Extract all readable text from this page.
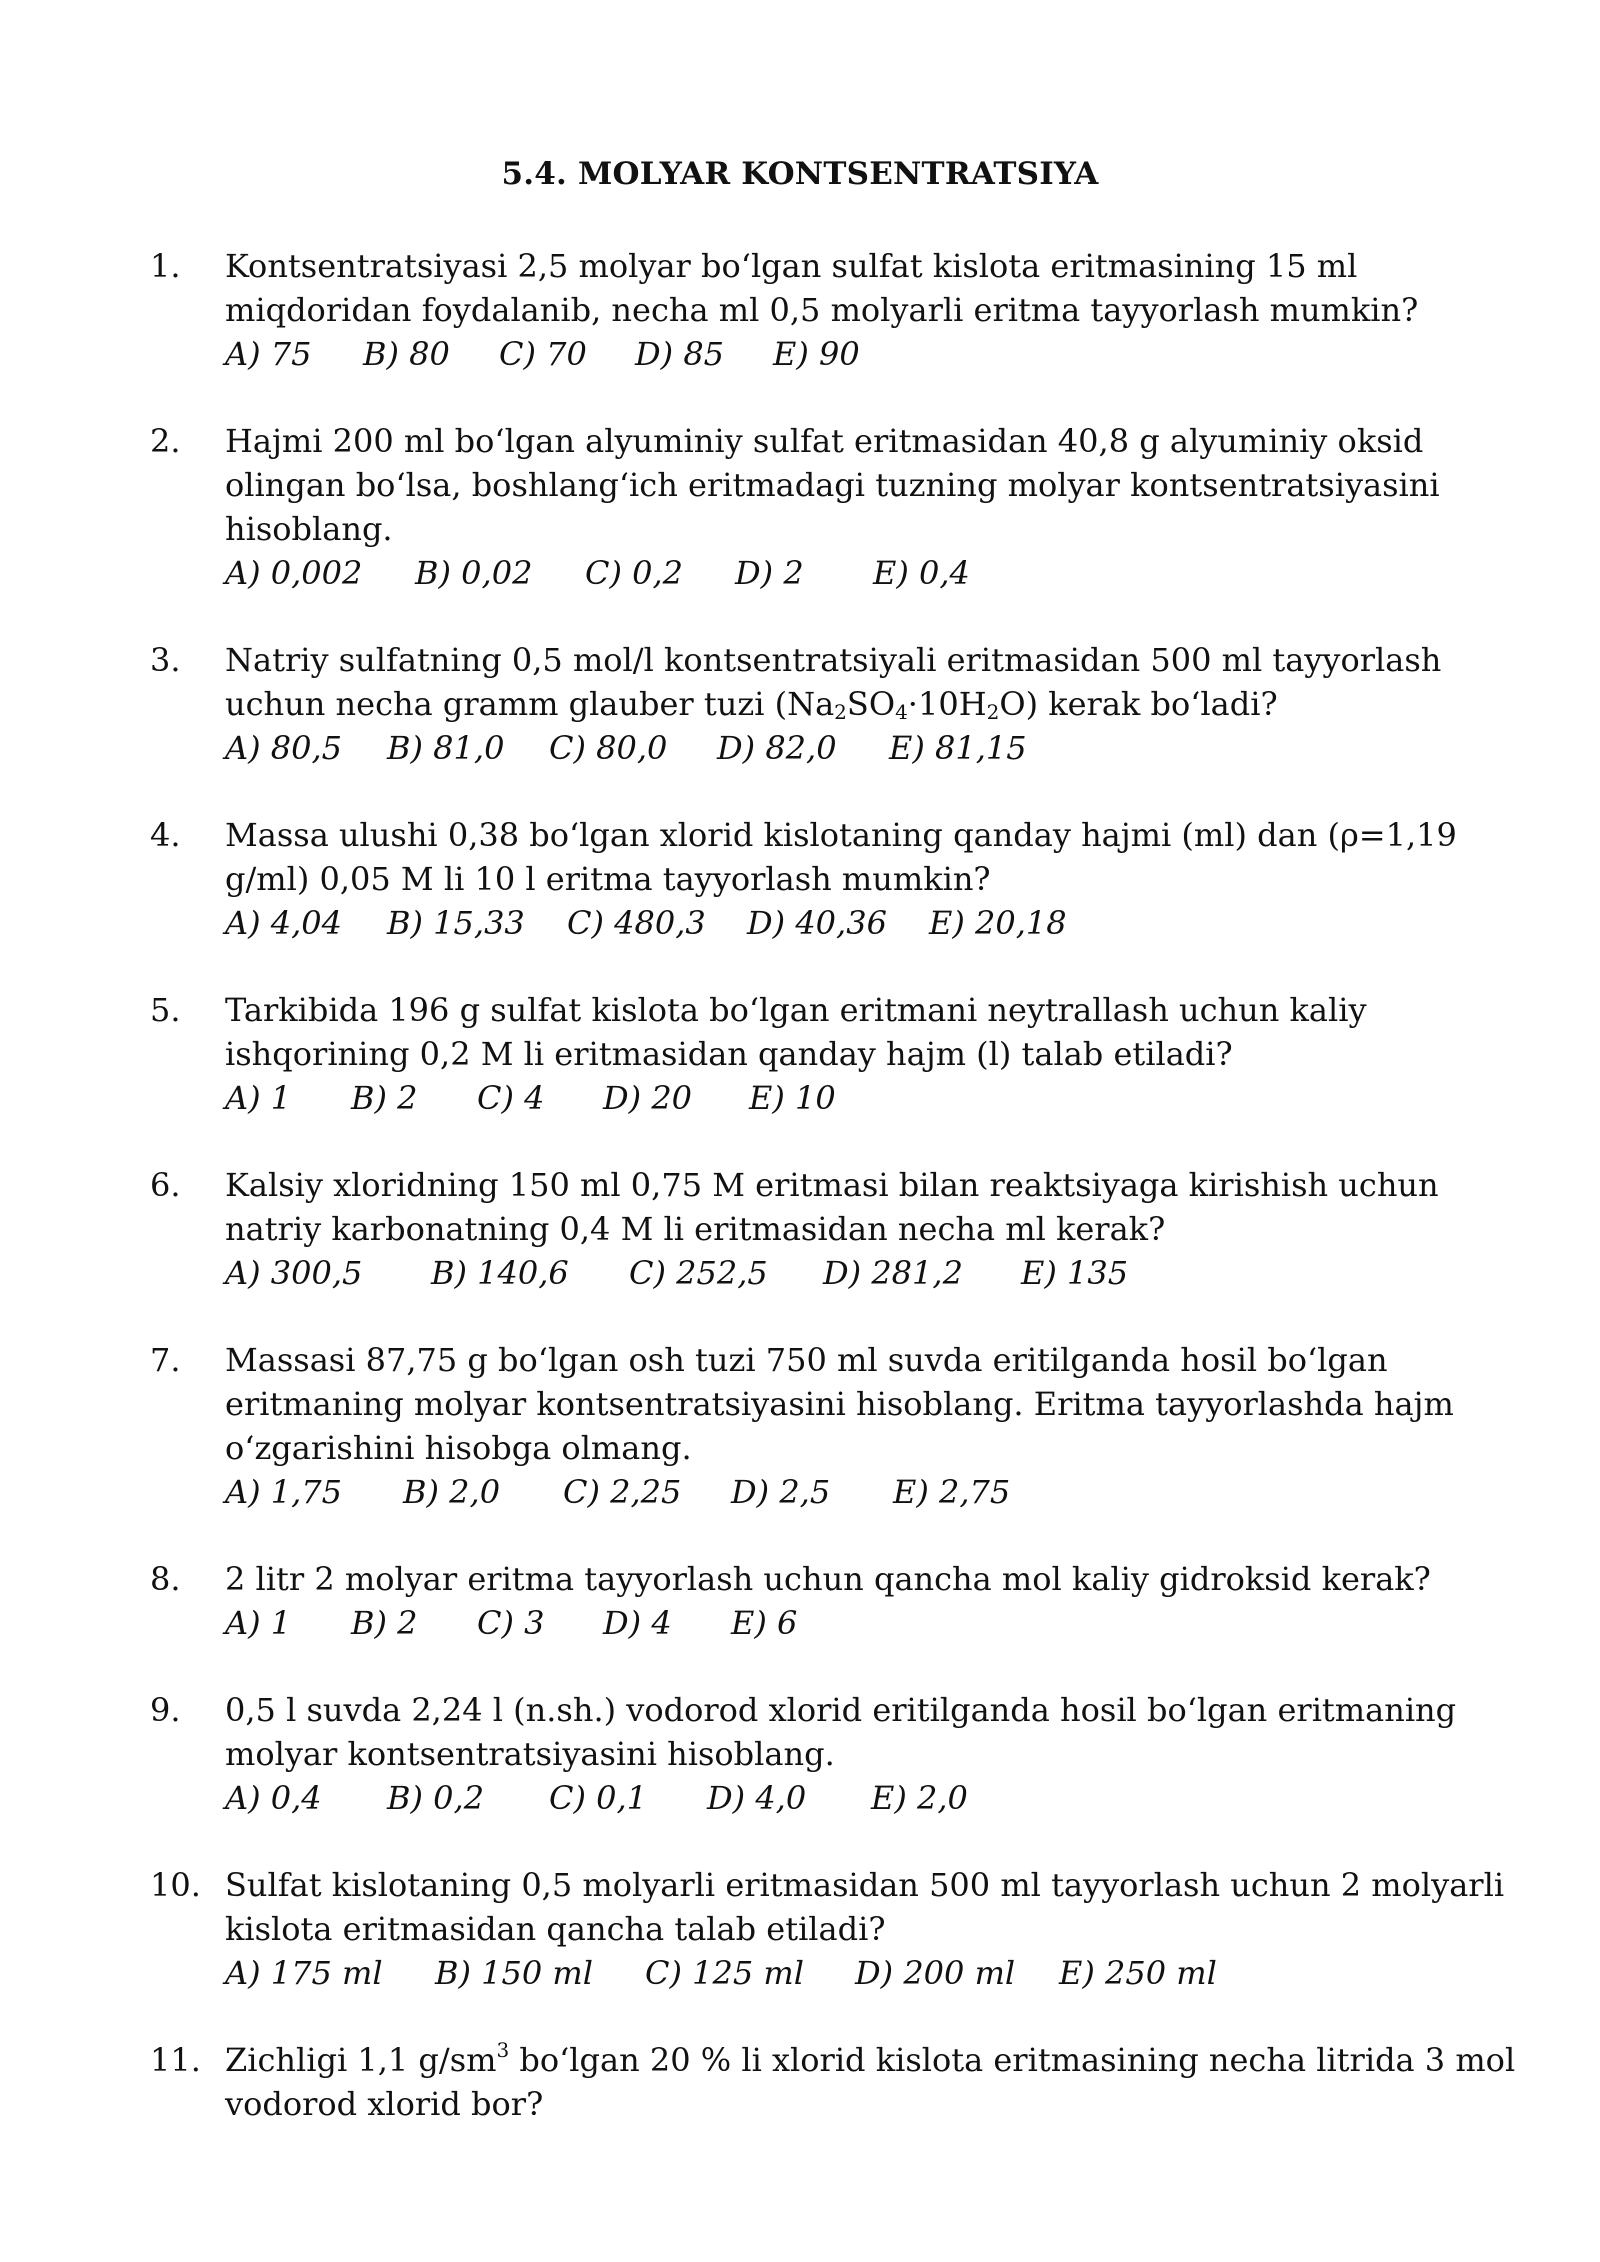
5.4. MOLYAR KONTSENTRATSIYA
1.	Kontsentratsiyasi 2,5 molyar bo‘lgan sulfat kislota eritmasining 15 ml miqdoridan foydalanib, necha ml 0,5 molyarli eritma tayyorlash mumkin?
A) 75 B) 80 C) 70 D) 85 E) 90
2.	Hajmi 200 ml bo‘lgan alyuminiy sulfat eritmasidan 40,8 g alyuminiy oksid olingan bo‘lsa, boshlang‘ich eritmadagi tuzning molyar kontsentratsiyasini hisoblang.
A) 0,002 B) 0,02 C) 0,2 D) 2 E) 0,4
3.	Natriy sulfatning 0,5 mol/l kontsentratsiyali eritmasidan 500 ml tayyorlash uchun necha gramm glauber tuzi $(Na_2SO_4\cdot 10H_2O)$ kerak bo‘ladi?
A) 80,5 B) 81,0 C) 80,0 D) 82,0 E) 81,15
4.	Massa ulushi 0,38 bo‘lgan xlorid kislotaning qanday hajmi (ml) dan (ρ=1,19 g/ml) 0,05 M li 10 l eritma tayyorlash mumkin?
A) 4,04 B) 15,33 C) 480,3 D) 40,36 E) 20,18
5.	Tarkibida 196 g sulfat kislota bo‘lgan eritmani neytrallash uchun kaliy ishqorining 0,2 M li eritmasidan qanday hajm (l) talab etiladi?
A) 1 B) 2 C) 4 D) 20 E) 10
6.	Kalsiy xloridning 150 ml 0,75 M eritmasi bilan reaktsiyaga kirishish uchun natriy karbonatning 0,4 M li eritmasidan necha ml kerak?
A) 300,5 B) 140,6 C) 252,5 D) 281,2 E) 135
7.	Massasi 87,75 g bo‘lgan osh tuzi 750 ml suvda eritilganda hosil bo‘lgan eritmaning molyar kontsentratsiyasini hisoblang. Eritma tayyorlashda hajm o‘zgarishini hisobga olmang.
A) 1,75 B) 2,0 C) 2,25 D) 2,5 E) 2,75
8.	2 litr 2 molyar eritma tayyorlash uchun qancha mol kaliy gidroksid kerak?
A) 1 B) 2 C) 3 D) 4 E) 6
9.	0,5 l suvda 2,24 l (n.sh.) vodorod xlorid eritilganda hosil bo‘lgan eritmaning molyar kontsentratsiyasini hisoblang.
A) 0,4 B) 0,2 C) 0,1 D) 4,0 E) 2,0
10. Sulfat kislotaning 0,5 molyarli eritmasidan 500 ml tayyorlash uchun 2 molyarli kislota eritmasidan qancha talab etiladi?
A) 175 ml B) 150 ml C) 125 ml D) 200 ml E) 250 ml
11. Zichligi 1,1 $g/sm^3$ bo‘lgan 20 % li xlorid kislota eritmasining necha litrida 3 mol vodorod xlorid bor?
